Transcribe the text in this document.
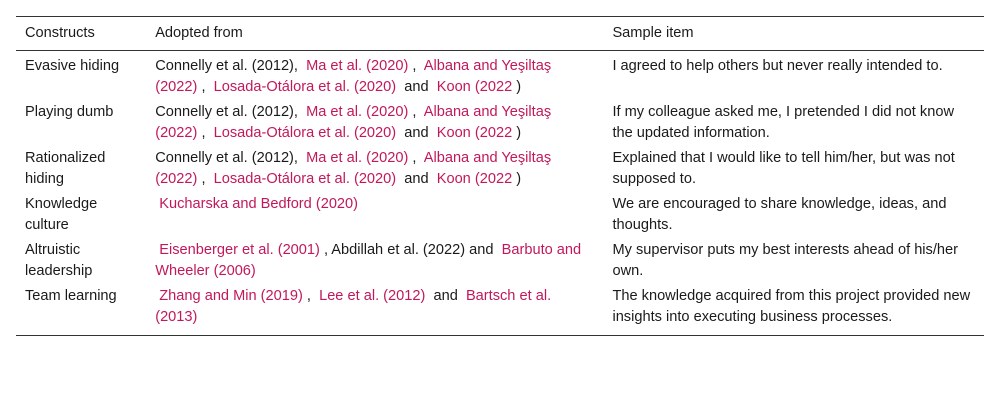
Constructs	Adopted from	Sample item
Evasive hiding	Connelly et al. (2012),  Ma et al. (2020) ,  Albana and Yeşiltaş (2022) ,  Losada-Otálora et al. (2020)  and  Koon (2022 )	I agreed to help others but never really intended to.
Playing dumb	Connelly et al. (2012),  Ma et al. (2020) ,  Albana and Yeşiltaş (2022) ,  Losada-Otálora et al. (2020)  and  Koon (2022 )	If my colleague asked me, I pretended I did not know the updated information.
Rationalized hiding	Connelly et al. (2012),  Ma et al. (2020) ,  Albana and Yeşiltaş (2022) ,  Losada-Otálora et al. (2020)  and  Koon (2022 )	Explained that I would like to tell him/her, but was not supposed to.
Knowledge culture	Kucharska and Bedford (2020)	We are encouraged to share knowledge, ideas, and thoughts.
Altruistic leadership	Eisenberger et al. (2001) , Abdillah et al. (2022) and  Barbuto and Wheeler (2006)	My supervisor puts my best interests ahead of his/her own.
Team learning	Zhang and Min (2019) ,  Lee et al. (2012)  and  Bartsch et al. (2013)	The knowledge acquired from this project provided new insights into executing business processes.
